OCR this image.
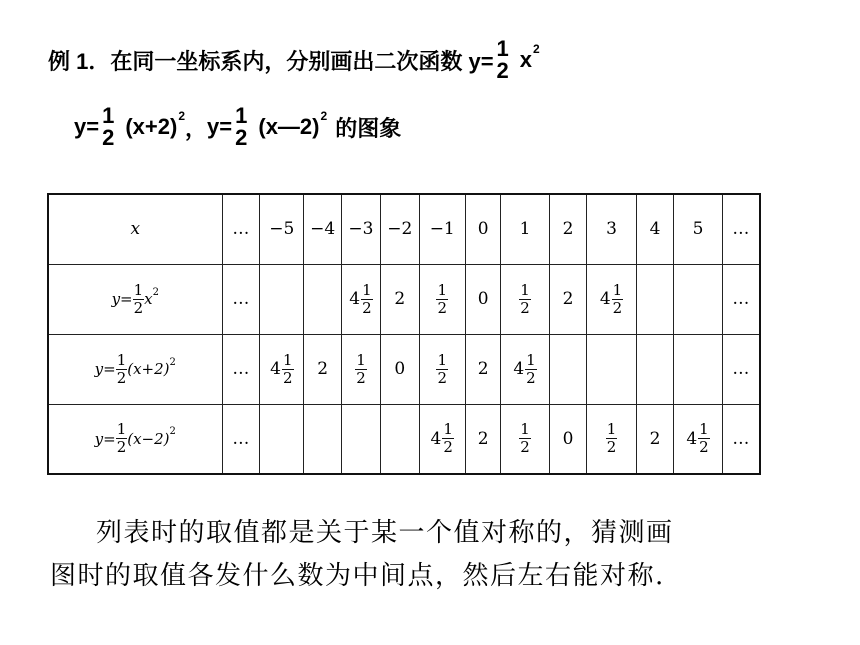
例 1．在同一坐标系内，分别画出二次函数 y= 1
2 x 2
y= 1
2 (x+2) 2 ， y= 1
2 (x—2) 2 的图象
x	…	−5	−4	−3	−2	−1	0	1	2	3	4	5	…

$y= \frac{1}{2}$ x 2	…			$4 \frac{1}{2}$	2	$\frac{1}{2}$	0	$\frac{1}{2}$	2	$4 \frac{1}{2}$			…

$y= \frac{1}{2} (x+2)$ 2	…	$4 \frac{1}{2}$	2	$\frac{1}{2}$	0	$\frac{1}{2}$	2	$4 \frac{1}{2}$					…

$y= \frac{1}{2} (x-2)$ 2	…					$4 \frac{1}{2}$	2	$\frac{1}{2}$	0	$\frac{1}{2}$	2	$4 \frac{1}{2}$	…
列表时的取值都是关于某一个值对称的，猜测画
图时的取值各发什么数为中间点，然后左右能对称.
